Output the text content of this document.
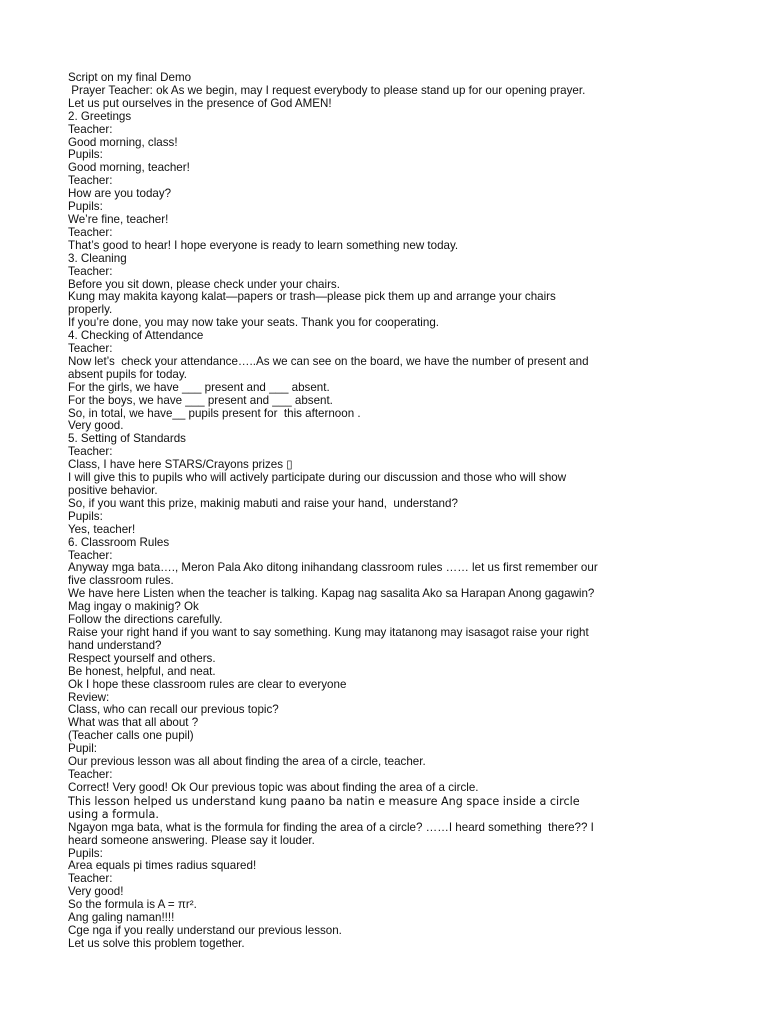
Script on my final Demo

Prayer Teacher: ok As we begin, may I request everybody to please stand up for our opening prayer.

Let us put ourselves in the presence of God AMEN!

2. Greetings

Teacher:

Good morning, class!

Pupils:

Good morning, teacher!

Teacher:

How are you today?

Pupils:

We’re fine, teacher!

Teacher:

That’s good to hear! I hope everyone is ready to learn something new today.

3. Cleaning

Teacher:

Before you sit down, please check under your chairs.

Kung may makita kayong kalat—papers or trash—please pick them up and arrange your chairs

properly.

If you’re done, you may now take your seats. Thank you for cooperating.

4. Checking of Attendance

Teacher:

Now let’s  check your attendance…..As we can see on the board, we have the number of present and

absent pupils for today.

For the girls, we have ___ present and ___ absent.

For the boys, we have ___ present and ___ absent.

So, in total, we have__ pupils present for  this afternoon .

Very good.

5. Setting of Standards

Teacher:

Class, I have here STARS/Crayons prizes ▯

I will give this to pupils who will actively participate during our discussion and those who will show

positive behavior.

So, if you want this prize, makinig mabuti and raise your hand,  understand?

Pupils:

Yes, teacher!

6. Classroom Rules

Teacher:

Anyway mga bata…., Meron Pala Ako ditong inihandang classroom rules …… let us first remember our

five classroom rules.

We have here Listen when the teacher is talking. Kapag nag sasalita Ako sa Harapan Anong gagawin?

Mag ingay o makinig? Ok

Follow the directions carefully.

Raise your right hand if you want to say something. Kung may itatanong may isasagot raise your right

hand understand?

Respect yourself and others.

Be honest, helpful, and neat.

Ok I hope these classroom rules are clear to everyone

Review:

Class, who can recall our previous topic?

What was that all about ?

(Teacher calls one pupil)

Pupil:

Our previous lesson was all about finding the area of a circle, teacher.

Teacher:

Correct! Very good! Ok Our previous topic was about finding the area of a circle.

This lesson helped us understand kung paano ba natin e measure Ang space inside a circle

using a formula.

Ngayon mga bata, what is the formula for finding the area of a circle? ……I heard something  there?? I

heard someone answering. Please say it louder.

Pupils:

Area equals pi times radius squared!

Teacher:

Very good!

So the formula is A = πr².

Ang galing naman!!!!

Cge nga if you really understand our previous lesson.

Let us solve this problem together.
